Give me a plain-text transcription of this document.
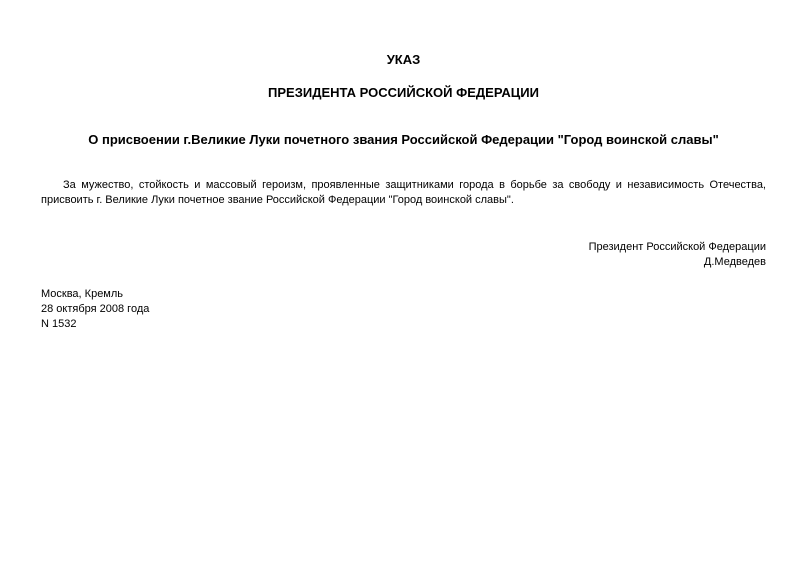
УКАЗ
ПРЕЗИДЕНТА РОССИЙСКОЙ ФЕДЕРАЦИИ
О присвоении г.Великие Луки почетного звания Российской Федерации "Город воинской славы"

За мужество, стойкость и массовый героизм, проявленные защитниками города в борьбе за свободу и независимость Отечества, присвоить г. Великие Луки почетное звание Российской Федерации "Город воинской славы".

Президент Российской Федерации
Д.Медведев
Москва, Кремль
28 октября 2008 года
N 1532
